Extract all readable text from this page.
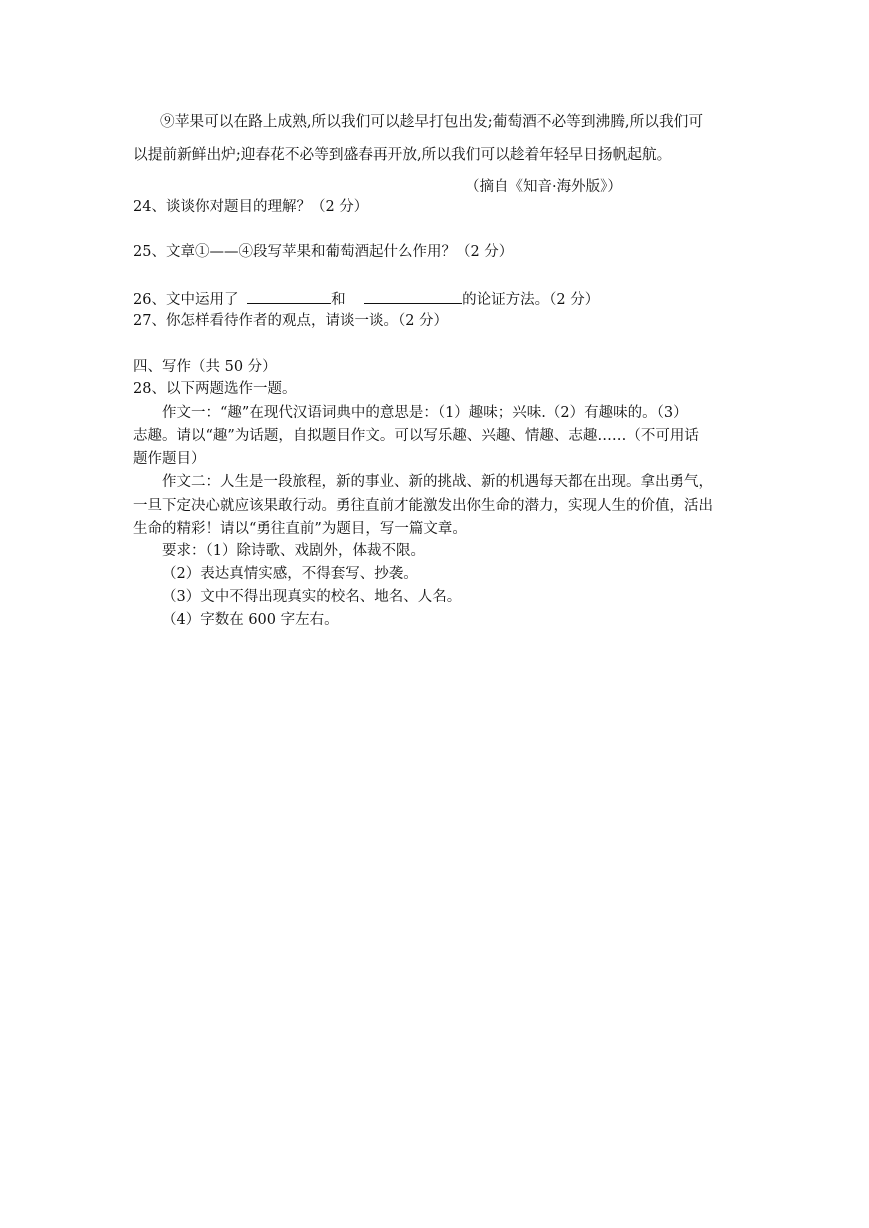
⑨苹果可以在路上成熟,所以我们可以趁早打包出发;葡萄酒不必等到沸腾,所以我们可
以提前新鲜出炉;迎春花不必等到盛春再开放,所以我们可以趁着年轻早日扬帆起航。
（摘自《知音·海外版》）
24、谈谈你对题目的理解？（2 分）
25、文章①——④段写苹果和葡萄酒起什么作用？（2 分）
26、文中运用了	和	的论证方法。（2 分）
27、你怎样看待作者的观点，请谈一谈。（2 分）
四、写作（共 50 分）
28、以下两题选作一题。
作文一：“趣”在现代汉语词典中的意思是：（1）趣味；兴味.（2）有趣味的。（3）
志趣。请以“趣”为话题，自拟题目作文。可以写乐趣、兴趣、情趣、志趣……（不可用话
题作题目）
作文二：人生是一段旅程，新的事业、新的挑战、新的机遇每天都在出现。拿出勇气，
一旦下定决心就应该果敢行动。勇往直前才能激发出你生命的潜力，实现人生的价值，活出
生命的精彩！请以“勇往直前”为题目，写一篇文章。
要求：（1）除诗歌、戏剧外，体裁不限。
（2）表达真情实感，不得套写、抄袭。
（3）文中不得出现真实的校名、地名、人名。
（4）字数在 600 字左右。
